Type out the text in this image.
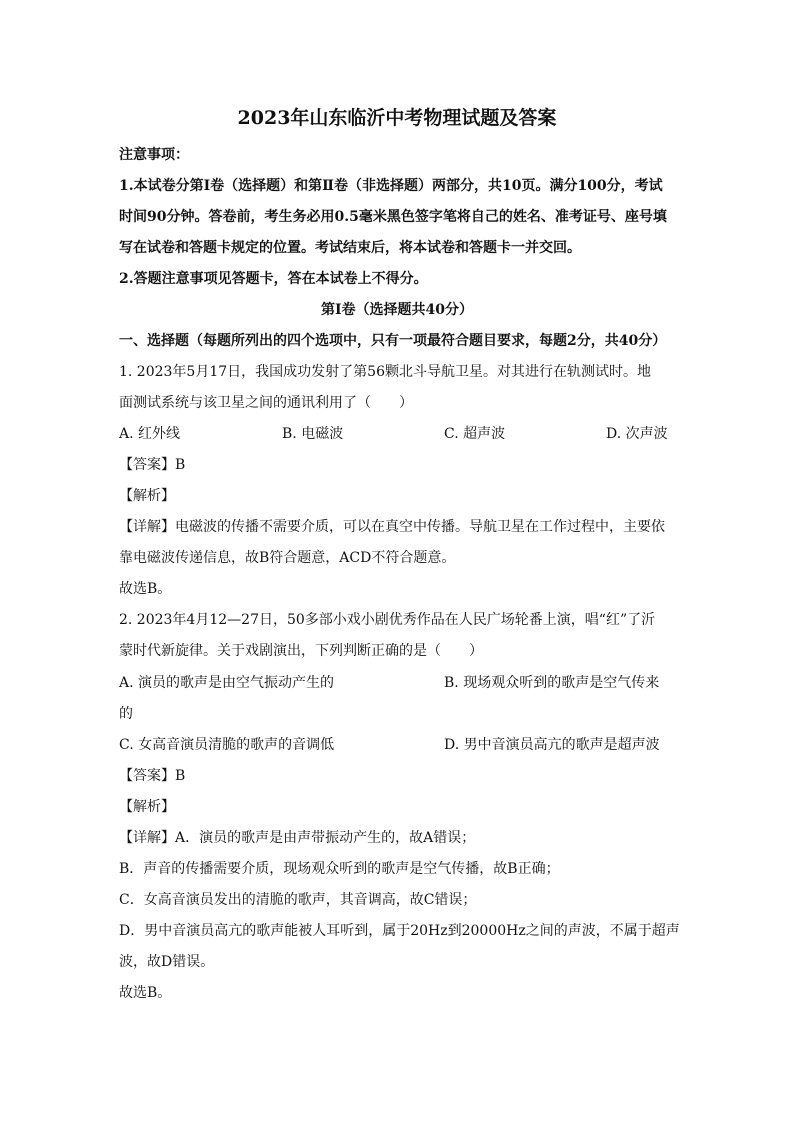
2023年山东临沂中考物理试题及答案
注意事项：
1.本试卷分第Ⅰ卷（选择题）和第Ⅱ卷（非选择题）两部分，共10页。满分100分，考试
时间90分钟。答卷前，考生务必用0.5毫米黑色签字笔将自己的姓名、准考证号、座号填
写在试卷和答题卡规定的位置。考试结束后，将本试卷和答题卡一并交回。
2.答题注意事项见答题卡，答在本试卷上不得分。
第Ⅰ卷（选择题共40分）
一、选择题（每题所列出的四个选项中，只有一项最符合题目要求，每题2分，共40分）
1. 2023年5月17日，我国成功发射了第56颗北斗导航卫星。对其进行在轨测试时。地
面测试系统与该卫星之间的通讯利用了（　　）
A. 红外线	B. 电磁波	C. 超声波	D. 次声波
【答案】B
【解析】
【详解】电磁波的传播不需要介质，可以在真空中传播。导航卫星在工作过程中，主要依
靠电磁波传递信息，故B符合题意，ACD不符合题意。
故选B。
2. 2023年4月12—27日，50多部小戏小剧优秀作品在人民广场轮番上演，唱“红”了沂
蒙时代新旋律。关于戏剧演出，下列判断正确的是（　　）
A. 演员的歌声是由空气振动产生的	B. 现场观众听到的歌声是空气传来
的
C. 女高音演员清脆的歌声的音调低	D. 男中音演员高亢的歌声是超声波
【答案】B
【解析】
【详解】A．演员的歌声是由声带振动产生的，故A错误；
B．声音的传播需要介质，现场观众听到的歌声是空气传播，故B正确；
C．女高音演员发出的清脆的歌声，其音调高，故C错误；
D．男中音演员高亢的歌声能被人耳听到，属于20Hz到20000Hz之间的声波，不属于超声
波，故D错误。
故选B。
